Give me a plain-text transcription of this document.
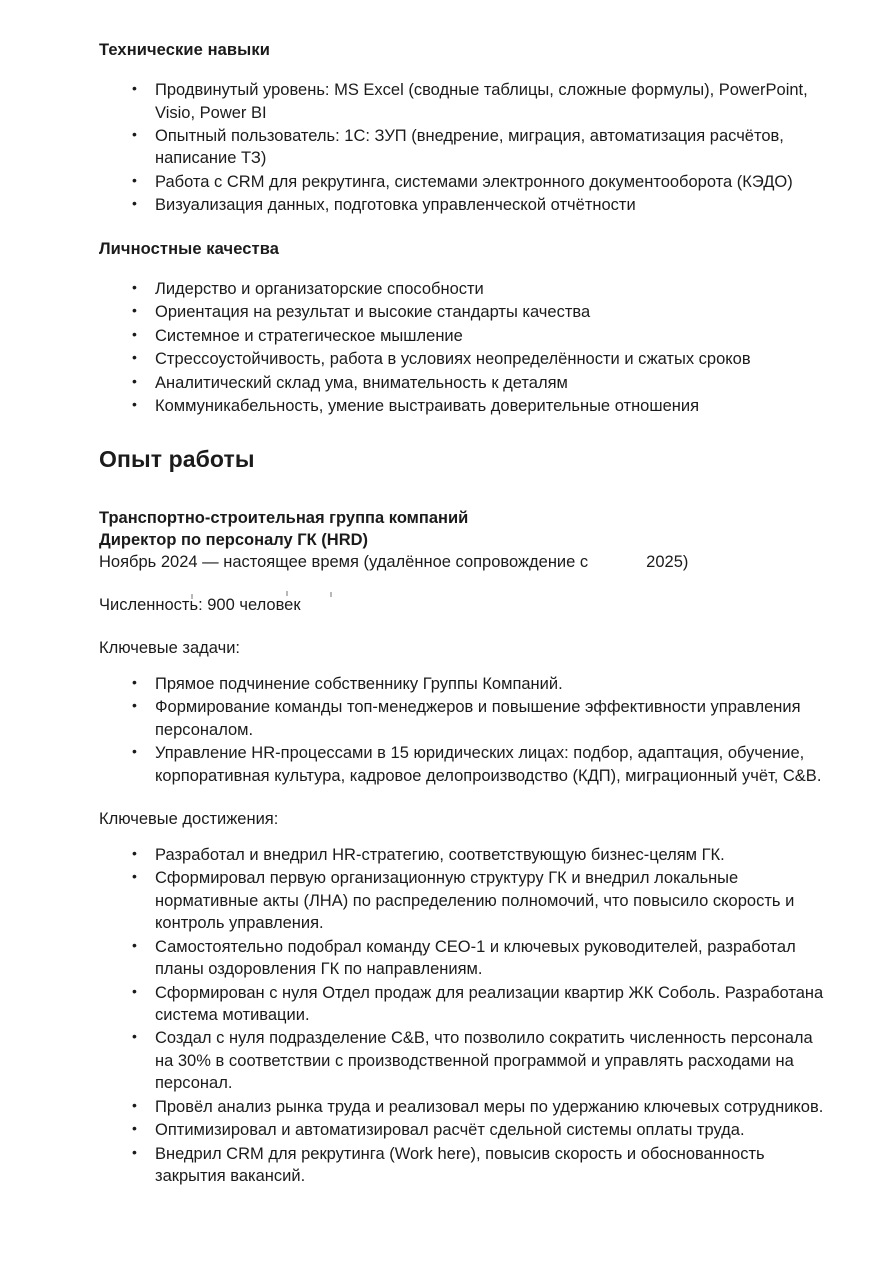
Технические навыки
• Продвинутый уровень: MS Excel (сводные таблицы, сложные формулы), PowerPoint, Visio, Power BI
• Опытный пользователь: 1С: ЗУП (внедрение, миграция, автоматизация расчётов, написание ТЗ)
• Работа с CRM для рекрутинга, системами электронного документооборота (КЭДО)
• Визуализация данных, подготовка управленческой отчётности
Личностные качества
• Лидерство и организаторские способности
• Ориентация на результат и высокие стандарты качества
• Системное и стратегическое мышление
• Стрессоустойчивость, работа в условиях неопределённости и сжатых сроков
• Аналитический склад ума, внимательность к деталям
• Коммуникабельность, умение выстраивать доверительные отношения
Опыт работы

Транспортно-строительная группа компаний

Директор по персоналу ГК (HRD)

Ноябрь 2024 — настоящее время (удалённое сопровождение с	2025)

Численность: 900 человек

Ключевые задачи:

• Прямое подчинение собственнику Группы Компаний.
• Формирование команды топ-менеджеров и повышение эффективности управления персоналом.
• Управление HR-процессами в 15 юридических лицах: подбор, адаптация, обучение, корпоративная культура, кадровое делопроизводство (КДП), миграционный учёт, C&B.

Ключевые достижения:

• Разработал и внедрил HR-стратегию, соответствующую бизнес-целям ГК.
• Сформировал первую организационную структуру ГК и внедрил локальные нормативные акты (ЛНА) по распределению полномочий, что повысило скорость и контроль управления.
• Самостоятельно подобрал команду CEO-1 и ключевых руководителей, разработал планы оздоровления ГК по направлениям.
• Сформирован с нуля Отдел продаж для реализации квартир ЖК Соболь. Разработана система мотивации.
• Создал с нуля подразделение C&B, что позволило сократить численность персонала на 30% в соответствии с производственной программой и управлять расходами на персонал.
• Провёл анализ рынка труда и реализовал меры по удержанию ключевых сотрудников.
• Оптимизировал и автоматизировал расчёт сдельной системы оплаты труда.
• Внедрил CRM для рекрутинга (Work here), повысив скорость и обоснованность закрытия вакансий.
